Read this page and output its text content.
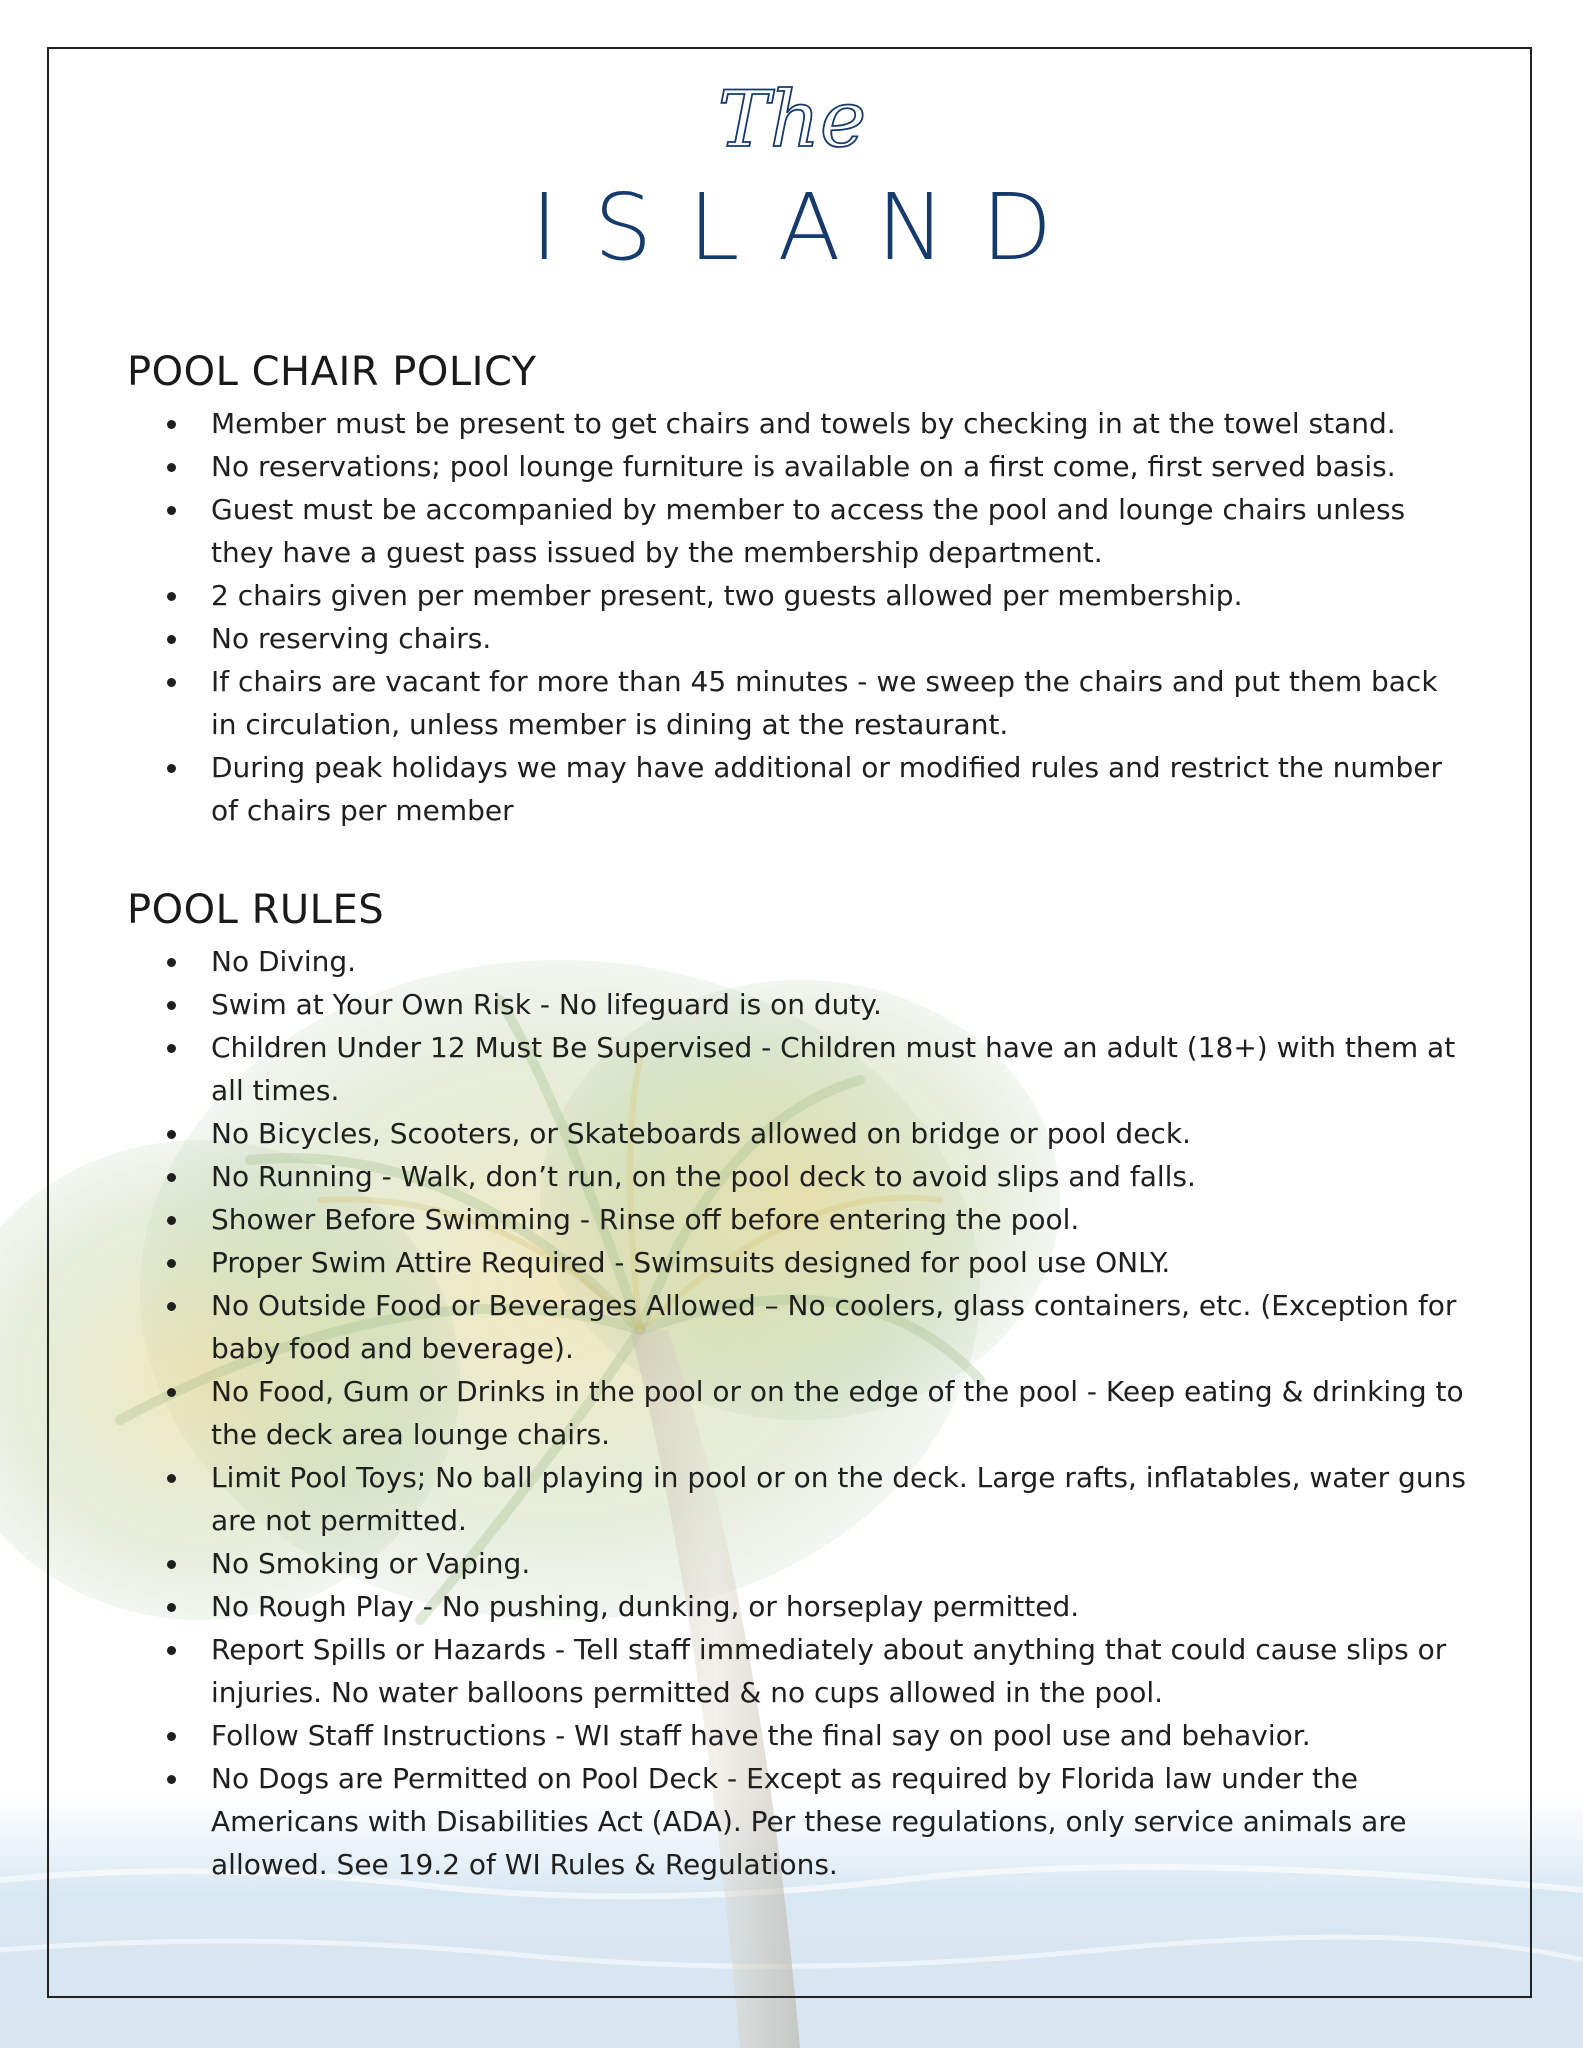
The
ISLAND
POOL CHAIR POLICY
Member must be present to get chairs and towels by checking in at the towel stand.
No reservations; pool lounge furniture is available on a first come, first served basis.
Guest must be accompanied by member to access the pool and lounge chairs unless they have a guest pass issued by the membership department.
2 chairs given per member present, two guests allowed per membership.
No reserving chairs.
If chairs are vacant for more than 45 minutes - we sweep the chairs and put them back in circulation, unless member is dining at the restaurant.
During peak holidays we may have additional or modified rules and restrict the number of chairs per member
POOL RULES
No Diving.
Swim at Your Own Risk - No lifeguard is on duty.
Children Under 12 Must Be Supervised - Children must have an adult (18+) with them at all times.
No Bicycles, Scooters, or Skateboards allowed on bridge or pool deck.
No Running - Walk, don’t run, on the pool deck to avoid slips and falls.
Shower Before Swimming - Rinse off before entering the pool.
Proper Swim Attire Required - Swimsuits designed for pool use ONLY.
No Outside Food or Beverages Allowed – No coolers, glass containers, etc. (Exception for baby food and beverage).
No Food, Gum or Drinks in the pool or on the edge of the pool - Keep eating & drinking to the deck area lounge chairs.
Limit Pool Toys; No ball playing in pool or on the deck. Large rafts, inflatables, water guns are not permitted.
No Smoking or Vaping.
No Rough Play - No pushing, dunking, or horseplay permitted.
Report Spills or Hazards - Tell staff immediately about anything that could cause slips or injuries. No water balloons permitted & no cups allowed in the pool.
Follow Staff Instructions - WI staff have the final say on pool use and behavior.
No Dogs are Permitted on Pool Deck - Except as required by Florida law under the Americans with Disabilities Act (ADA). Per these regulations, only service animals are allowed. See 19.2 of WI Rules & Regulations.
